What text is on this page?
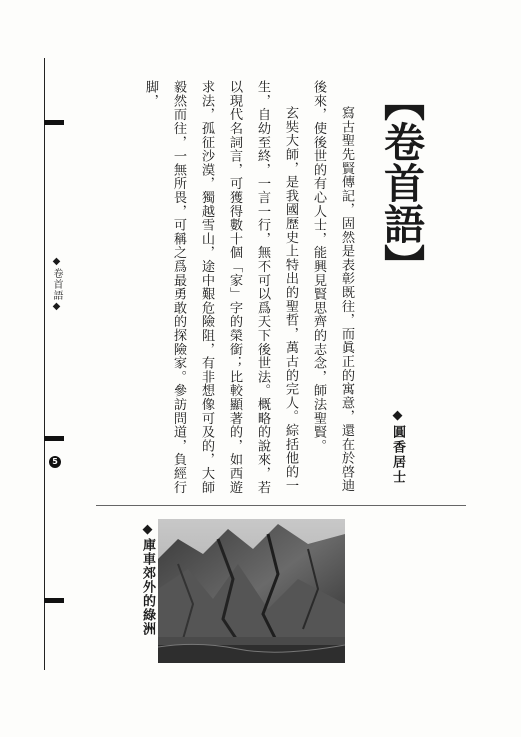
◆卷首語◆
5
【卷首語】
◆圓香居士

寫古聖先賢傳記，固然是表彰既往，而眞正的寓意，還在於啓迪後來，使後世的有心人士，能興見賢思齊的志念，師法聖賢。

玄奘大師，是我國歷史上特出的聖哲，萬古的完人。綜括他的一生，自幼至終，一言一行，無不可以爲天下後世法。概略的說來，若以現代名詞言，可獲得數十個「家」字的榮銜；比較顯著的，如西遊求法，孤征沙漠，獨越雪山，途中艱危險阻，有非想像可及的，大師毅然而往，一無所畏，可稱之爲最勇敢的探險家。參訪問道，負經行脚，

◆庫車郊外的綠洲
